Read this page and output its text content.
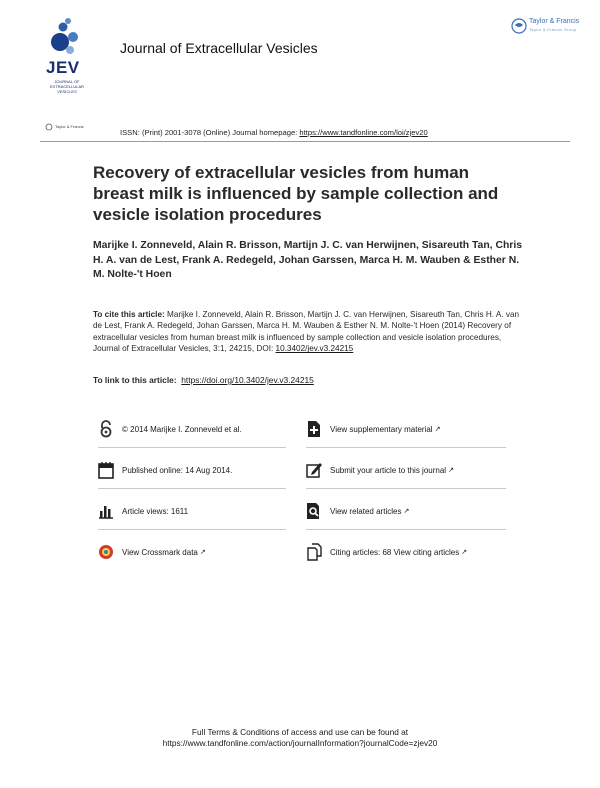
JEV
JOURNAL OF EXTRACELLULAR VESICLES
Journal of Extracellular Vesicles
Taylor & Francis
Taylor & Francis Group
Taylor & Francis
ISSN: (Print) 2001-3078 (Online) Journal homepage: https://www.tandfonline.com/loi/zjev20
Recovery of extracellular vesicles from human breast milk is influenced by sample collection and vesicle isolation procedures
Marijke I. Zonneveld, Alain R. Brisson, Martijn J. C. van Herwijnen, Sisareuth Tan, Chris H. A. van de Lest, Frank A. Redegeld, Johan Garssen, Marca H. M. Wauben & Esther N. M. Nolte-'t Hoen
To cite this article: Marijke I. Zonneveld, Alain R. Brisson, Martijn J. C. van Herwijnen, Sisareuth Tan, Chris H. A. van de Lest, Frank A. Redegeld, Johan Garssen, Marca H. M. Wauben & Esther N. M. Nolte-'t Hoen (2014) Recovery of extracellular vesicles from human breast milk is influenced by sample collection and vesicle isolation procedures, Journal of Extracellular Vesicles, 3:1, 24215, DOI: 10.3402/jev.v3.24215
To link to this article: https://doi.org/10.3402/jev.v3.24215
© 2014 Marijke I. Zonneveld et al.	View supplementary material ↗
Published online: 14 Aug 2014.	Submit your article to this journal ↗
Article views: 1611	View related articles ↗
View Crossmark data ↗	Citing articles: 68 View citing articles ↗
Full Terms & Conditions of access and use can be found at
https://www.tandfonline.com/action/journalInformation?journalCode=zjev20
